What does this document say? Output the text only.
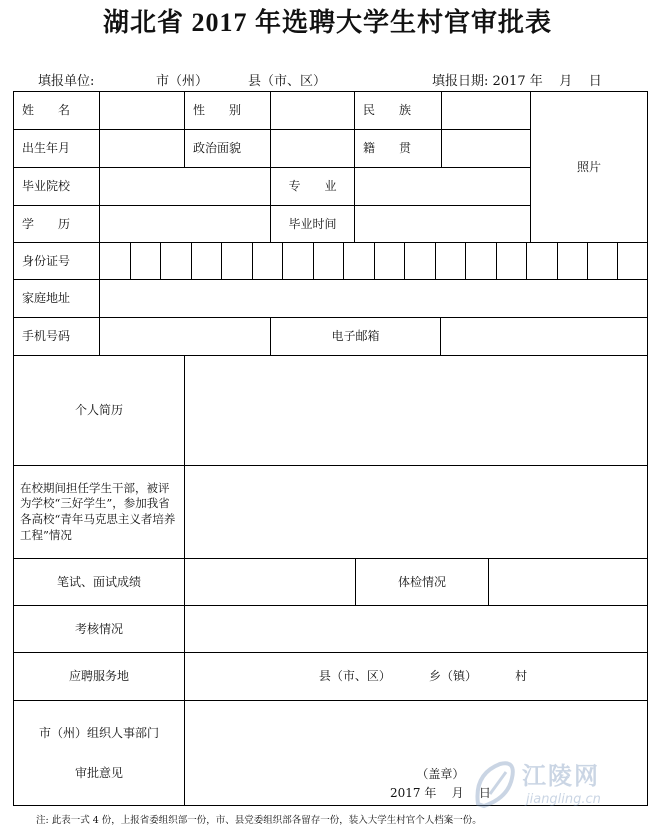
湖北省 2017 年选聘大学生村官审批表
填报单位:	市（州）	县（市、区）	填报日期: 2017 年    月    日
姓　　名	性　　别	民　　族
出生年月	政治面貌	籍　　贯
照片
毕业院校	专　　业
学　　历	毕业时间
身份证号
家庭地址
手机号码	电子邮箱
个人简历
在校期间担任学生干部，被评为学校“三好学生”，参加我省各高校“青年马克思主义者培养工程”情况
笔试、面试成绩	体检情况
考核情况
应聘服务地	县（市、区）          乡（镇）          村
市（州）组织人事部门
审批意见	（盖章）
2017 年    月    日
江陵网
jiangling.cn
注: 此表一式 4 份，上报省委组织部一份，市、县党委组织部各留存一份，装入大学生村官个人档案一份。
